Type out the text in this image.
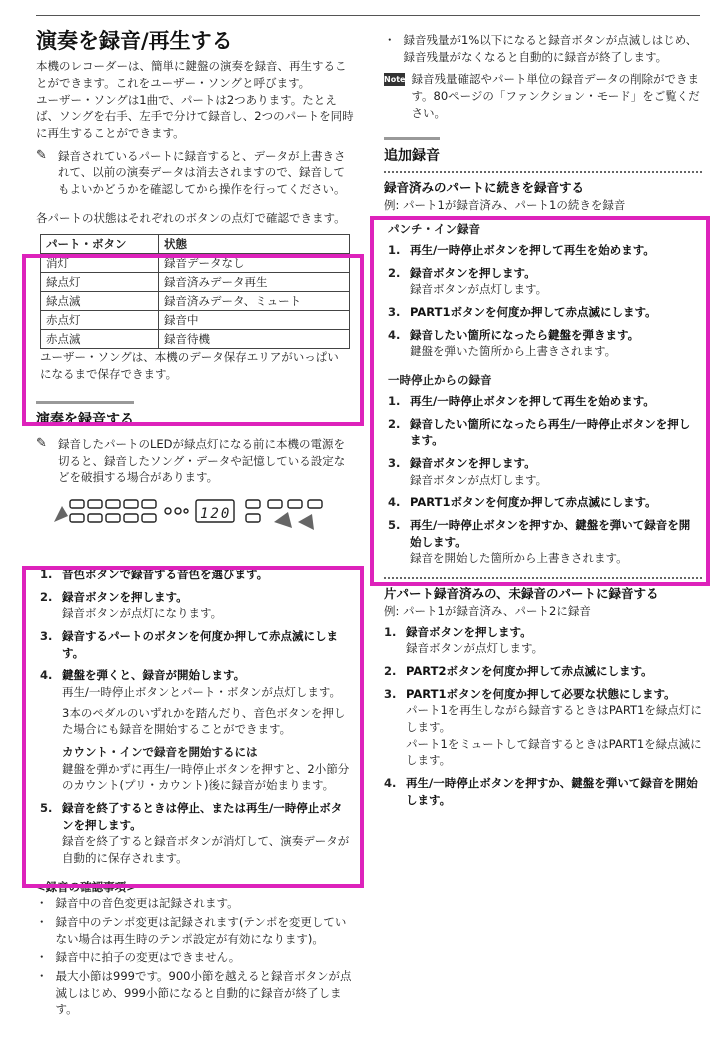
演奏を録音/再生する

本機のレコーダーは、簡単に鍵盤の演奏を録音、再生することができます。これをユーザー・ソングと呼びます。

ユーザー・ソングは1曲で、パートは2つあります。たとえば、ソングを右手、左手で分けて録音し、2つのパートを同時に再生することができます。

✎ 録音されているパートに録音すると、データが上書きされて、以前の演奏データは消去されますので、録音してもよいかどうかを確認してから操作を行ってください。

各パートの状態はそれぞれのボタンの点灯で確認できます。

パート・ボタン	状態
消灯	録音データなし
緑点灯	録音済みデータ再生
緑点滅	録音済みデータ、ミュート
赤点灯	録音中
赤点滅	録音待機

ユーザー・ソングは、本機のデータ保存エリアがいっぱいになるまで保存できます。

演奏を録音する
✎ 録音したパートのLEDが緑点灯になる前に本機の電源を切ると、録音したソング・データや記憶している設定などを破損する場合があります。
120
1. 音色ボタンで録音する音色を選びます。
2. 録音ボタンを押します。
録音ボタンが点灯になります。
3. 録音するパートのボタンを何度か押して赤点滅にします。
4. 鍵盤を弾くと、録音が開始します。
再生/一時停止ボタンとパート・ボタンが点灯します。
3本のペダルのいずれかを踏んだり、音色ボタンを押した場合にも録音を開始することができます。
カウント・インで録音を開始するには
鍵盤を弾かずに再生/一時停止ボタンを押すと、2小節分のカウント(プリ・カウント)後に録音が始まります。
5. 録音を終了するときは停止、または再生/一時停止ボタンを押します。
録音を終了すると録音ボタンが消灯して、演奏データが自動的に保存されます。

<録音の確認事項>

・ 録音中の音色変更は記録されます。
・ 録音中のテンポ変更は記録されます(テンポを変更していない場合は再生時のテンポ設定が有効になります)。
・ 録音中に拍子の変更はできません。
・ 最大小節は999です。900小節を越えると録音ボタンが点滅しはじめ、999小節になると自動的に録音が終了します。
・ 録音残量が1%以下になると録音ボタンが点滅しはじめ、録音残量がなくなると自動的に録音が終了します。
Note 録音残量確認やパート単位の録音データの削除ができます。80ページの「ファンクション・モード」をご覧ください。
追加録音
録音済みのパートに続きを録音する

例: パート1が録音済み、パート1の続きを録音

パンチ・イン録音

1. 再生/一時停止ボタンを押して再生を始めます。
2. 録音ボタンを押します。
録音ボタンが点灯します。
3. PART1ボタンを何度か押して赤点滅にします。
4. 録音したい箇所になったら鍵盤を弾きます。
鍵盤を弾いた箇所から上書きされます。

一時停止からの録音

1. 再生/一時停止ボタンを押して再生を始めます。
2. 録音したい箇所になったら再生/一時停止ボタンを押します。
3. 録音ボタンを押します。
録音ボタンが点灯します。
4. PART1ボタンを何度か押して赤点滅にします。
5. 再生/一時停止ボタンを押すか、鍵盤を弾いて録音を開始します。
録音を開始した箇所から上書きされます。
片パート録音済みの、未録音のパートに録音する

例: パート1が録音済み、パート2に録音

1. 録音ボタンを押します。
録音ボタンが点灯します。
2. PART2ボタンを何度か押して赤点滅にします。
3. PART1ボタンを何度か押して必要な状態にします。
パート1を再生しながら録音するときはPART1を緑点灯にします。
パート1をミュートして録音するときはPART1を緑点滅にします。
4. 再生/一時停止ボタンを押すか、鍵盤を弾いて録音を開始します。
